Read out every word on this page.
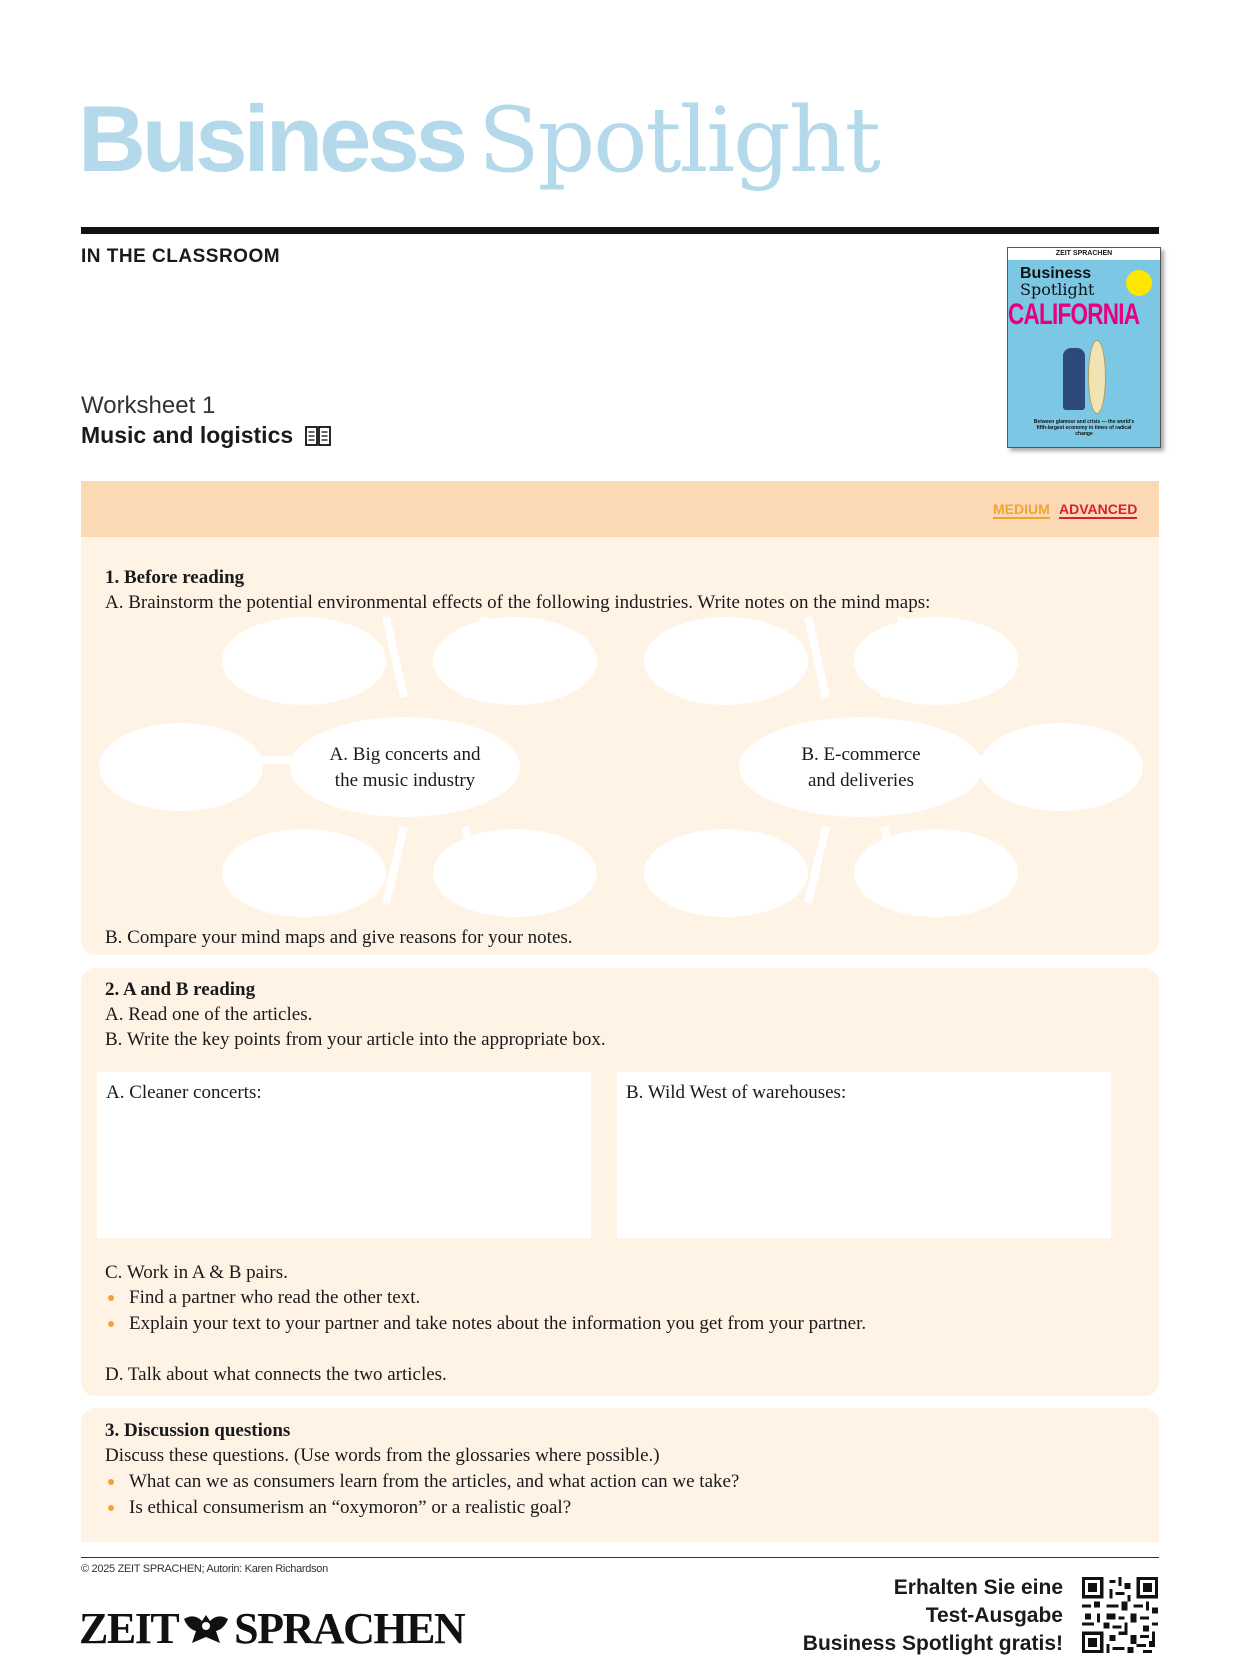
Business Spotlight
IN THE CLASSROOM	ZEIT SPRACHEN
Business
Spotlight
CALIFORNIA
Between glamour and crisis — the world's fifth-largest economy in times of radical change
Worksheet 1
Music and logistics
MEDIUM ADVANCED
1. Before reading
A. Brainstorm the potential environmental effects of the following industries. Write notes on the mind maps:
A. Big concerts and
the music industry
B. E-commerce
and deliveries
B. Compare your mind maps and give reasons for your notes.
2. A and B reading
A. Read one of the articles.
B. Write the key points from your article into the appropriate box.
A. Cleaner concerts:	B. Wild West of warehouses:
C. Work in A & B pairs.
Find a partner who read the other text.
Explain your text to your partner and take notes about the information you get from your partner.
D. Talk about what connects the two articles.
3. Discussion questions
Discuss these questions. (Use words from the glossaries where possible.)
What can we as consumers learn from the articles, and what action can we take?
Is ethical consumerism an “oxymoron” or a realistic goal?
© 2025 ZEIT SPRACHEN; Autorin: Karen Richardson
ZEIT SPRACHEN
Erhalten Sie eine
Test-Ausgabe
Business Spotlight gratis!
